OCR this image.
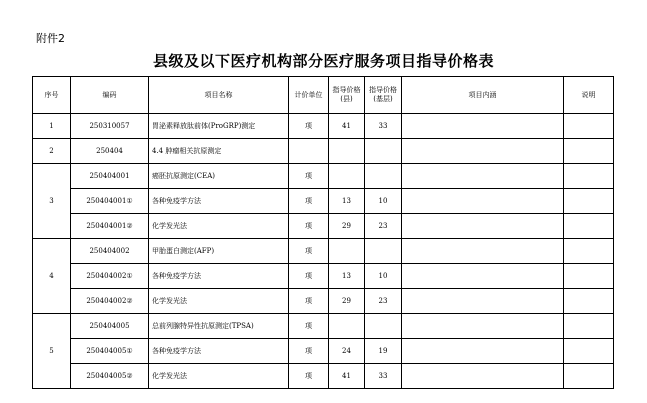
附件2
县级及以下医疗机构部分医疗服务项目指导价格表
序号	编码	项目名称	计价单位	指导价格(县)	指导价格(基层)	项目内涵	说明
1	250310057	胃泌素释放肽前体(ProGRP)测定	项	41	33		
2	250404	4.4 肿瘤相关抗原测定					
3	250404001	癌胚抗原测定(CEA)	项				
	250404001①	各种免疫学方法	项	13	10		
	250404001②	化学发光法	项	29	23		
4	250404002	甲胎蛋白测定(AFP)	项				
	250404002①	各种免疫学方法	项	13	10		
	250404002②	化学发光法	项	29	23		
5	250404005	总前列腺特异性抗原测定(TPSA)	项				
	250404005①	各种免疫学方法	项	24	19		
	250404005②	化学发光法	项	41	33		
